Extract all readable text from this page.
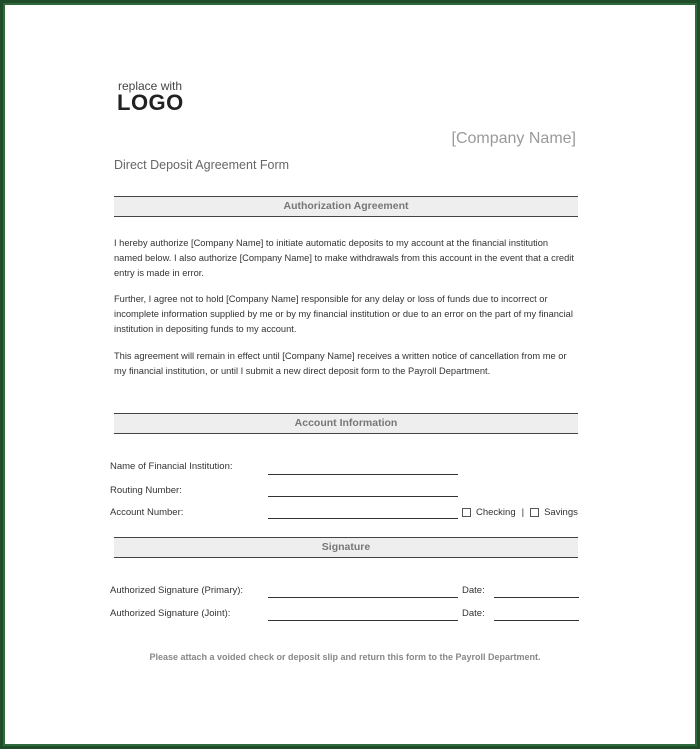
replace with
LOGO
[Company Name]
Direct Deposit Agreement Form
Authorization Agreement

I hereby authorize [Company Name] to initiate automatic deposits to my account at the financial institution named below. I also authorize [Company Name] to make withdrawals from this account in the event that a credit entry is made in error.

Further, I agree not to hold [Company Name] responsible for any delay or loss of funds due to incorrect or incomplete information supplied by me or by my financial institution or due to an error on the part of my financial institution in depositing funds to my account.

This agreement will remain in effect until [Company Name] receives a written notice of cancellation from me or my financial institution, or until I submit a new direct deposit form to the Payroll Department.

Account Information
Name of Financial Institution:
Routing Number:
Account Number:	Checking | Savings
Signature
Authorized Signature (Primary):	Date:
Authorized Signature (Joint):	Date:
Please attach a voided check or deposit slip and return this form to the Payroll Department.
